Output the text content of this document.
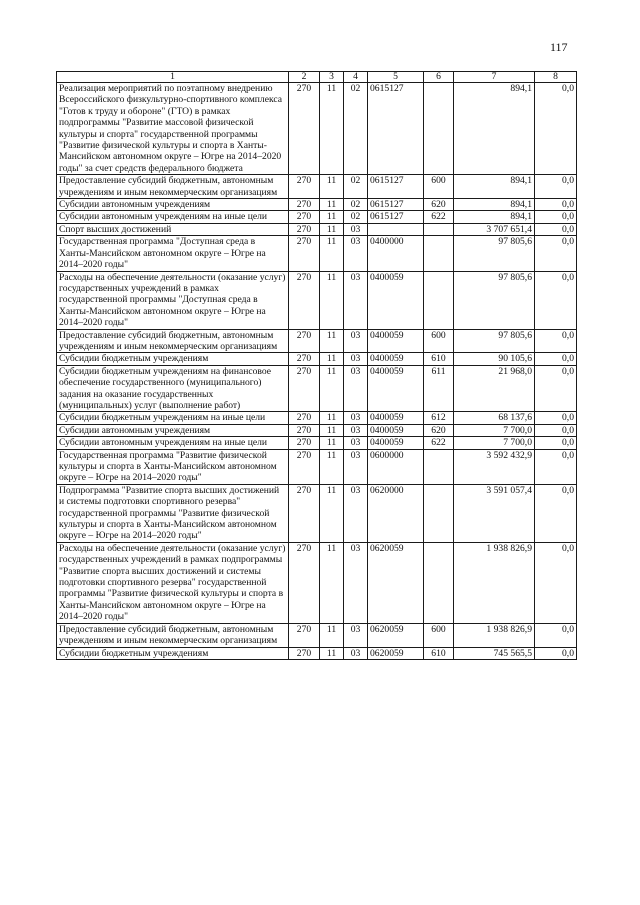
117
1	2	3	4	5	6	7	8
Реализация мероприятий по поэтапному внедрению Всероссийского физкультурно-спортивного комплекса "Готов к труду и обороне" (ГТО) в рамках подпрограммы "Развитие массовой физической культуры и спорта" государственной программы "Развитие физической культуры и спорта в Ханты-Мансийском автономном округе – Югре на 2014–2020 годы" за счет средств федерального бюджета	270	11	02	0615127		894,1	0,0
Предоставление субсидий бюджетным, автономным учреждениям и иным некоммерческим организациям	270	11	02	0615127	600	894,1	0,0
Субсидии автономным учреждениям	270	11	02	0615127	620	894,1	0,0
Субсидии автономным учреждениям на иные цели	270	11	02	0615127	622	894,1	0,0
Спорт высших достижений	270	11	03			3 707 651,4	0,0
Государственная программа "Доступная среда в Ханты-Мансийском автономном округе – Югре на 2014–2020 годы"	270	11	03	0400000		97 805,6	0,0
Расходы на обеспечение деятельности (оказание услуг) государственных учреждений в рамках государственной программы "Доступная среда в Ханты-Мансийском автономном округе – Югре на 2014–2020 годы"	270	11	03	0400059		97 805,6	0,0
Предоставление субсидий бюджетным, автономным учреждениям и иным некоммерческим организациям	270	11	03	0400059	600	97 805,6	0,0
Субсидии бюджетным учреждениям	270	11	03	0400059	610	90 105,6	0,0
Субсидии бюджетным учреждениям на финансовое обеспечение государственного (муниципального) задания на оказание государственных (муниципальных) услуг (выполнение работ)	270	11	03	0400059	611	21 968,0	0,0
Субсидии бюджетным учреждениям на иные цели	270	11	03	0400059	612	68 137,6	0,0
Субсидии автономным учреждениям	270	11	03	0400059	620	7 700,0	0,0
Субсидии автономным учреждениям на иные цели	270	11	03	0400059	622	7 700,0	0,0
Государственная программа "Развитие физической культуры и спорта в Ханты-Мансийском автономном округе – Югре на 2014–2020 годы"	270	11	03	0600000		3 592 432,9	0,0
Подпрограмма "Развитие спорта высших достижений и системы подготовки спортивного резерва" государственной программы "Развитие физической культуры и спорта в Ханты-Мансийском автономном округе – Югре на 2014–2020 годы"	270	11	03	0620000		3 591 057,4	0,0
Расходы на обеспечение деятельности (оказание услуг) государственных учреждений в рамках подпрограммы "Развитие спорта высших достижений и системы подготовки спортивного резерва" государственной программы "Развитие физической культуры и спорта в Ханты-Мансийском автономном округе – Югре на 2014–2020 годы"	270	11	03	0620059		1 938 826,9	0,0
Предоставление субсидий бюджетным, автономным учреждениям и иным некоммерческим организациям	270	11	03	0620059	600	1 938 826,9	0,0
Субсидии бюджетным учреждениям	270	11	03	0620059	610	745 565,5	0,0
